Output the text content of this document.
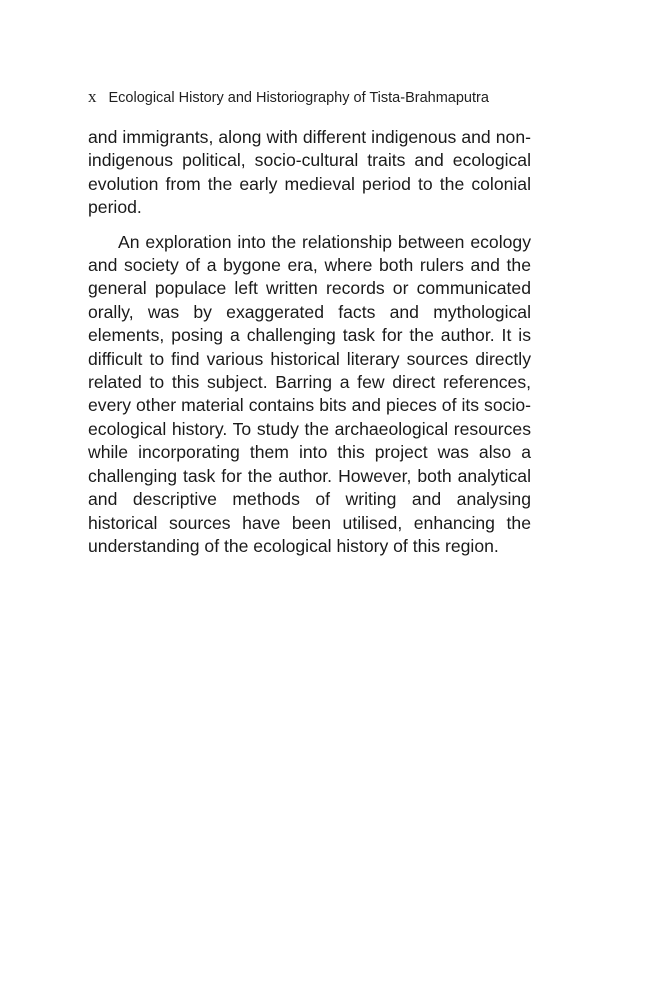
x Ecological History and Historiography of Tista-Brahmaputra

and immigrants, along with different indigenous and non-indigenous political, socio-cultural traits and ecological evolution from the early medieval period to the colonial period.

An exploration into the relationship between ecology and society of a bygone era, where both rulers and the general populace left written records or communicated orally, was by exaggerated facts and mythological elements, posing a challenging task for the author. It is difficult to find various historical literary sources directly related to this subject. Barring a few direct references, every other material contains bits and pieces of its socio-ecological history. To study the archaeological resources while incorporating them into this project was also a challenging task for the author. However, both analytical and descriptive methods of writing and analysing historical sources have been utilised, enhancing the understanding of the ecological history of this region.
